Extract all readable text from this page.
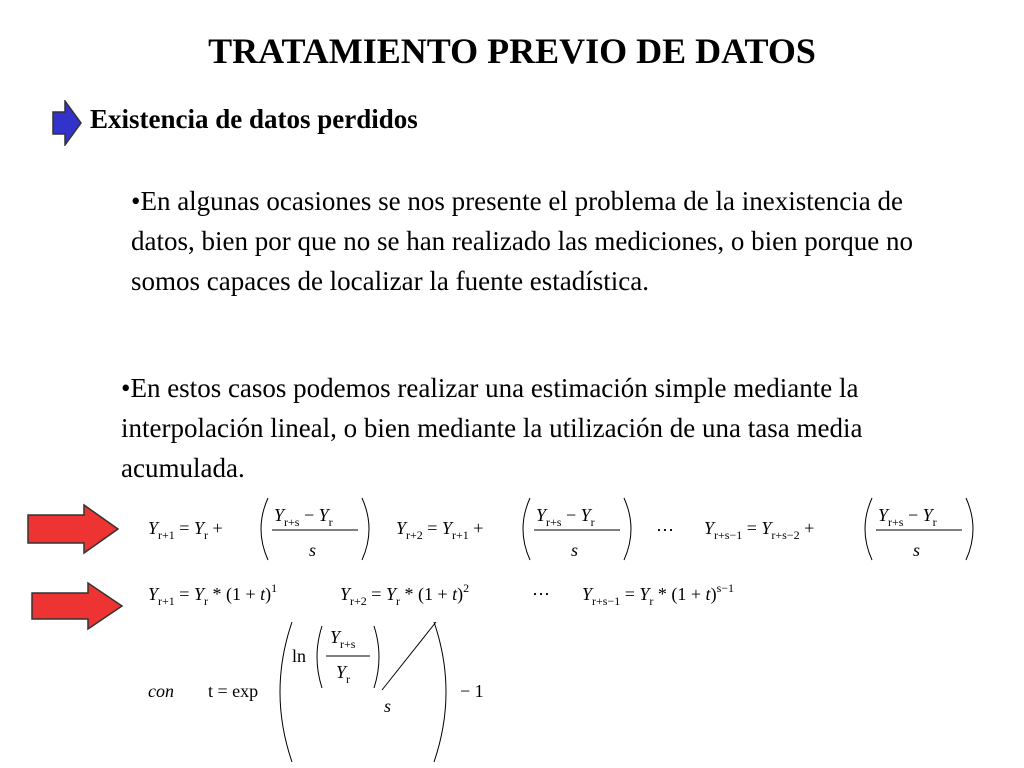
TRATAMIENTO PREVIO DE DATOS
Existencia de datos perdidos
•En algunas ocasiones se nos presente el problema de la inexistencia de datos, bien por que no se han realizado las mediciones, o bien porque no somos capaces de localizar la fuente estadística.
•En estos casos podemos realizar una estimación simple mediante la interpolación lineal, o bien mediante la utilización de una tasa media acumulada.
$Y_{r+1} = Y_r$ +
$Y_{r+s} - Y_r$
s
$Y_{r+2} = Y_{r+1}$ +
$Y_{r+s} - Y_r$
s
⋯ $Y_{r+s-1} = Y_{r+s-2}$ +
$Y_{r+s} - Y_r$
s
$Y_{r+1} = Y_r * (1 + t)^1$	$Y_{r+2} = Y_r * (1 + t)^2$	⋯ $Y_{r+s-1} = Y_r * (1 + t)^{s-1}$
con t = exp
ln
$Y_{r+s}$
$Y_r$
s
− 1
